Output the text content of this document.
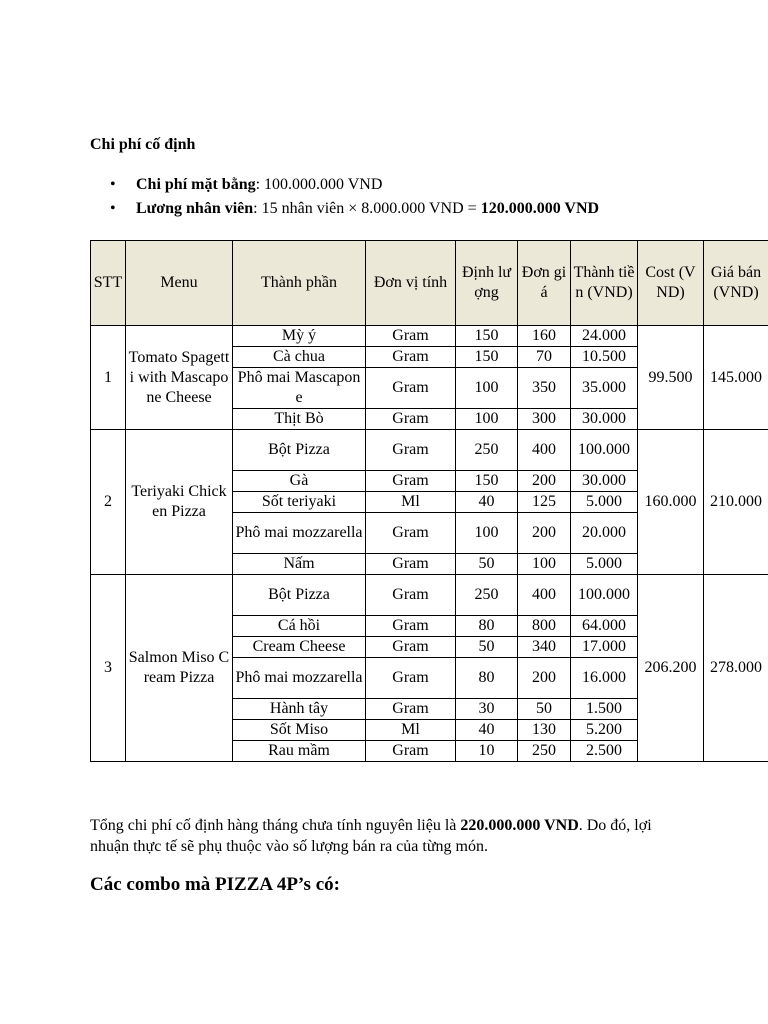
Chi phí cố định
• Chi phí mặt bằng: 100.000.000 VND
• Lương nhân viên: 15 nhân viên × 8.000.000 VND = 120.000.000 VND
STT	Menu	Thành phần	Đơn vị tính	Định lượng	Đơn giá	Thành tiền (VND)	Cost (VND)	Giá bán (VND)
1	Tomato Spagetti with Mascapone Cheese	Mỳ ý	Gram	150	160	24.000	99.500	145.000
		Cà chua	Gram	150	70	10.500		
		Phô mai Mascapone	Gram	100	350	35.000		
		Thịt Bò	Gram	100	300	30.000		
2	Teriyaki Chicken Pizza	Bột Pizza	Gram	250	400	100.000	160.000	210.000
		Gà	Gram	150	200	30.000		
		Sốt teriyaki	Ml	40	125	5.000		
		Phô mai mozzarella	Gram	100	200	20.000		
		Nấm	Gram	50	100	5.000		
3	Salmon Miso Cream Pizza	Bột Pizza	Gram	250	400	100.000	206.200	278.000
		Cá hồi	Gram	80	800	64.000		
		Cream Cheese	Gram	50	340	17.000		
		Phô mai mozzarella	Gram	80	200	16.000		
		Hành tây	Gram	30	50	1.500		
		Sốt Miso	Ml	40	130	5.200		
		Rau mầm	Gram	10	250	2.500		

Tổng chi phí cố định hàng tháng chưa tính nguyên liệu là 220.000.000 VND. Do đó, lợi nhuận thực tế sẽ phụ thuộc vào số lượng bán ra của từng món.

Các combo mà PIZZA 4P’s có:
